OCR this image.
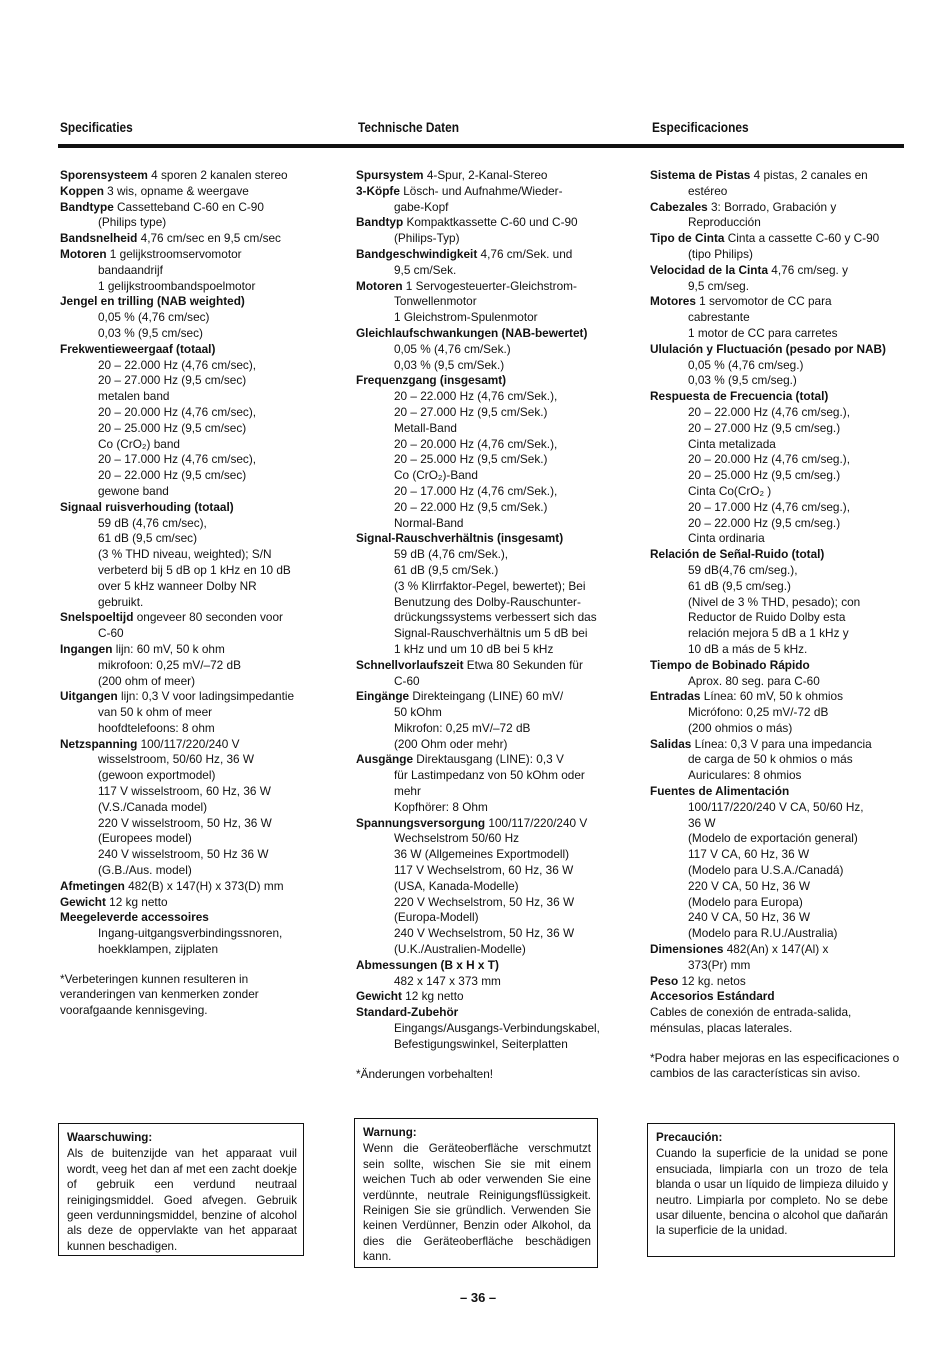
Specificaties	Technische Daten	Especificaciones
Sporensysteem 4 sporen 2 kanalen stereo
Koppen 3 wis, opname & weergave
Bandtype Cassetteband C-60 en C-90
(Philips type)
Bandsnelheid 4,76 cm/sec en 9,5 cm/sec
Motoren 1 gelijkstroomservomotor
bandaandrijf
1 gelijkstroombandspoelmotor
Jengel en trilling (NAB weighted)
0,05 % (4,76 cm/sec)
0,03 % (9,5 cm/sec)
Frekwentieweergaaf (totaal)
20 – 22.000 Hz (4,76 cm/sec),
20 – 27.000 Hz (9,5 cm/sec)
metalen band
20 – 20.000 Hz (4,76 cm/sec),
20 – 25.000 Hz (9,5 cm/sec)
Co (CrO₂) band
20 – 17.000 Hz (4,76 cm/sec),
20 – 22.000 Hz (9,5 cm/sec)
gewone band
Signaal ruisverhouding (totaal)
59 dB (4,76 cm/sec),
61 dB (9,5 cm/sec)
(3 % THD niveau, weighted); S/N
verbeterd bij 5 dB op 1 kHz en 10 dB
over 5 kHz wanneer Dolby NR
gebruikt.
Snelspoeltijd ongeveer 80 seconden voor
C-60
Ingangen lijn: 60 mV, 50 k ohm
mikrofoon: 0,25 mV/–72 dB
(200 ohm of meer)
Uitgangen lijn: 0,3 V voor ladingsimpedantie
van 50 k ohm of meer
hoofdtelefoons: 8 ohm
Netzspanning 100/117/220/240 V
wisselstroom, 50/60 Hz, 36 W
(gewoon exportmodel)
117 V wisselstroom, 60 Hz, 36 W
(V.S./Canada model)
220 V wisselstroom, 50 Hz, 36 W
(Europees model)
240 V wisselstroom, 50 Hz 36 W
(G.B./Aus. model)
Afmetingen 482(B) x 147(H) x 373(D) mm
Gewicht 12 kg netto
Meegeleverde accessoires
Ingang-uitgangsverbindingssnoren,
hoekklampen, zijplaten
*Verbeteringen kunnen resulteren in veranderingen van kenmerken zonder voorafgaande kennisgeving.
Spursystem 4-Spur, 2-Kanal-Stereo
3-Köpfe Lösch- und Aufnahme/Wieder-
gabe-Kopf
Bandtyp Kompaktkassette C-60 und C-90
(Philips-Typ)
Bandgeschwindigkeit 4,76 cm/Sek. und
9,5 cm/Sek.
Motoren 1 Servogesteuerter-Gleichstrom-
Tonwellenmotor
1 Gleichstrom-Spulenmotor
Gleichlaufschwankungen (NAB-bewertet)
0,05 % (4,76 cm/Sek.)
0,03 % (9,5 cm/Sek.)
Frequenzgang (insgesamt)
20 – 22.000 Hz (4,76 cm/Sek.),
20 – 27.000 Hz (9,5 cm/Sek.)
Metall-Band
20 – 20.000 Hz (4,76 cm/Sek.),
20 – 25.000 Hz (9,5 cm/Sek.)
Co (CrO₂)-Band
20 – 17.000 Hz (4,76 cm/Sek.),
20 – 22.000 Hz (9,5 cm/Sek.)
Normal-Band
Signal-Rauschverhältnis (insgesamt)
59 dB (4,76 cm/Sek.),
61 dB (9,5 cm/Sek.)
(3 % Klirrfaktor-Pegel, bewertet); Bei
Benutzung des Dolby-Rauschunter-
drückungssystems verbessert sich das
Signal-Rauschverhältnis um 5 dB bei
1 kHz und um 10 dB bei 5 kHz
Schnellvorlaufszeit Etwa 80 Sekunden für
C-60
Eingänge Direkteingang (LINE) 60 mV/
50 kOhm
Mikrofon: 0,25 mV/–72 dB
(200 Ohm oder mehr)
Ausgänge Direktausgang (LINE): 0,3 V
für Lastimpedanz von 50 kOhm oder
mehr
Kopfhörer: 8 Ohm
Spannungsversorgung 100/117/220/240 V
Wechselstrom 50/60 Hz
36 W (Allgemeines Exportmodell)
117 V Wechselstrom, 60 Hz, 36 W
(USA, Kanada-Modelle)
220 V Wechselstrom, 50 Hz, 36 W
(Europa-Modell)
240 V Wechselstrom, 50 Hz, 36 W
(U.K./Australien-Modelle)
Abmessungen (B x H x T)
482 x 147 x 373 mm
Gewicht 12 kg netto
Standard-Zubehör
Eingangs/Ausgangs-Verbindungskabel,
Befestigungswinkel, Seiterplatten
*Änderungen vorbehalten!
Sistema de Pistas 4 pistas, 2 canales en
estéreo
Cabezales 3: Borrado, Grabación y
Reproducción
Tipo de Cinta Cinta a cassette C-60 y C-90
(tipo Philips)
Velocidad de la Cinta 4,76 cm/seg. y
9,5 cm/seg.
Motores 1 servomotor de CC para
cabrestante
1 motor de CC para carretes
Ululación y Fluctuación (pesado por NAB)
0,05 % (4,76 cm/seg.)
0,03 % (9,5 cm/seg.)
Respuesta de Frecuencia (total)
20 – 22.000 Hz (4,76 cm/seg.),
20 – 27.000 Hz (9,5 cm/seg.)
Cinta metalizada
20 – 20.000 Hz (4,76 cm/seg.),
20 – 25.000 Hz (9,5 cm/seg.)
Cinta Co(CrO₂ )
20 – 17.000 Hz (4,76 cm/seg.),
20 – 22.000 Hz (9,5 cm/seg.)
Cinta ordinaria
Relación de Señal-Ruido (total)
59 dB(4,76 cm/seg.),
61 dB (9,5 cm/seg.)
(Nivel de 3 % THD, pesado); con
Reductor de Ruido Dolby esta
relación mejora 5 dB a 1 kHz y
10 dB a más de 5 kHz.
Tiempo de Bobinado Rápido
Aprox. 80 seg. para C-60
Entradas Línea: 60 mV, 50 k ohmios
Micrófono: 0,25 mV/-72 dB
(200 ohmios o más)
Salidas Línea: 0,3 V para una impedancia
de carga de 50 k ohmios o más
Auriculares: 8 ohmios
Fuentes de Alimentación
100/117/220/240 V CA, 50/60 Hz,
36 W
(Modelo de exportación general)
117 V CA, 60 Hz, 36 W
(Modelo para U.S.A./Canadá)
220 V CA, 50 Hz, 36 W
(Modelo para Europa)
240 V CA, 50 Hz, 36 W
(Modelo para R.U./Australia)
Dimensiones 482(An) x 147(Al) x
373(Pr) mm
Peso 12 kg. netos
Accesorios Estándard
Cables de conexión de entrada-salida,
ménsulas, placas laterales.
*Podra haber mejoras en las especificaciones o cambios de las características sin aviso.
Waarschuwing:
Als de buitenzijde van het apparaat vuil wordt, veeg het dan af met een zacht doekje of gebruik een verdund neutraal reinigingsmiddel. Goed afvegen. Gebruik geen verdunningsmiddel, benzine of alcohol als deze de oppervlakte van het apparaat kunnen beschadigen.
Warnung:
Wenn die Geräteoberfläche verschmutzt sein sollte, wischen Sie sie mit einem weichen Tuch ab oder verwenden Sie eine verdünnte, neutrale Reinigungsflüssigkeit. Reinigen Sie sie gründlich. Verwenden Sie keinen Verdünner, Benzin oder Alkohol, da dies die Geräteoberfläche beschädigen kann.
Precaución:
Cuando la superficie de la unidad se pone ensuciada, limpiarla con un trozo de tela blanda o usar un líquido de limpieza diluido y neutro. Limpiarla por completo. No se debe usar diluente, bencina o alcohol que dañarán la superficie de la unidad.
– 36 –
